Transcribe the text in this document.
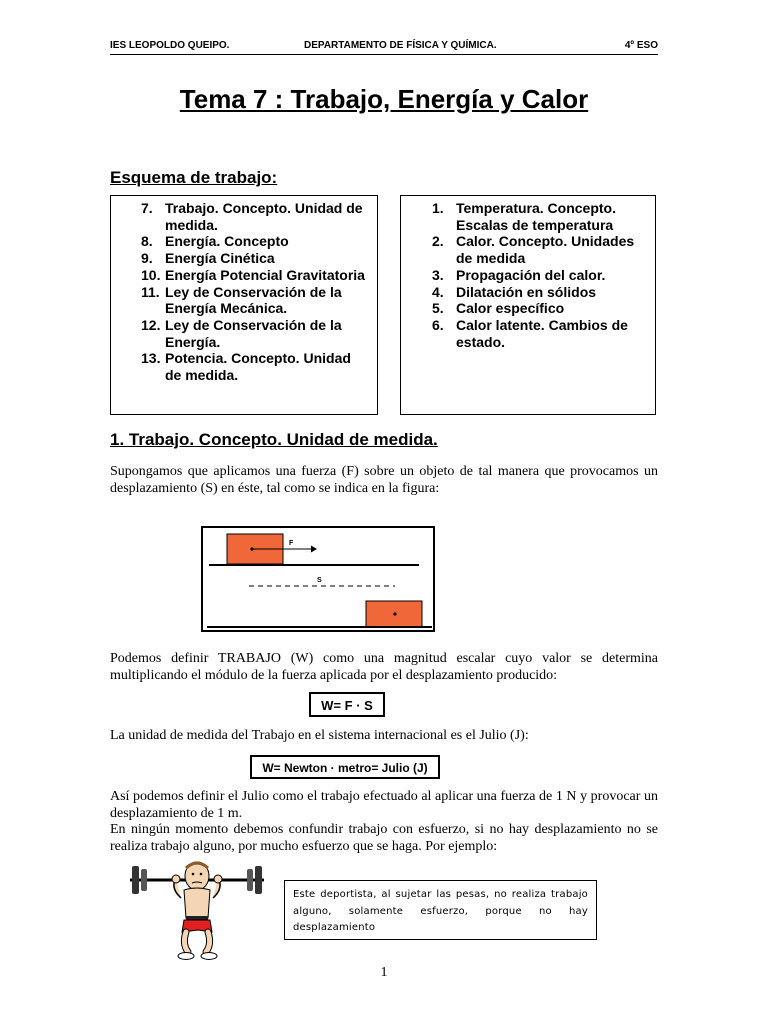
IES LEOPOLDO QUEIPO.	DEPARTAMENTO DE FÍSICA Y QUÍMICA.	4º ESO
Tema 7 : Trabajo, Energía y Calor
Esquema de trabajo:
7. Trabajo. Concepto. Unidad de medida.
8. Energía. Concepto
9. Energía Cinética
10. Energía Potencial Gravitatoria
11. Ley de Conservación de la Energía Mecánica.
12. Ley de Conservación de la Energía.
13. Potencia. Concepto. Unidad de medida.
1. Temperatura. Concepto. Escalas de temperatura
2. Calor. Concepto. Unidades de medida
3. Propagación del calor.
4. Dilatación en sólidos
5. Calor específico
6. Calor latente. Cambios de estado.
1. Trabajo. Concepto. Unidad de medida.
Supongamos que aplicamos una fuerza (F) sobre un objeto de tal manera que provocamos un desplazamiento (S) en éste, tal como se indica en la figura:
F
S
Podemos definir TRABAJO (W) como una magnitud escalar cuyo valor se determina multiplicando el módulo de la fuerza aplicada por el desplazamiento producido:
W= F · S
La unidad de medida del Trabajo en el sistema internacional es el Julio (J):
W= Newton · metro= Julio (J)
Así podemos definir el Julio como el trabajo efectuado al aplicar una fuerza de 1 N y provocar un desplazamiento de 1 m.
En ningún momento debemos confundir trabajo con esfuerzo, si no hay desplazamiento no se realiza trabajo alguno, por mucho esfuerzo que se haga. Por ejemplo:
Este deportista, al sujetar las pesas, no realiza trabajo alguno, solamente esfuerzo, porque no hay desplazamiento
1
